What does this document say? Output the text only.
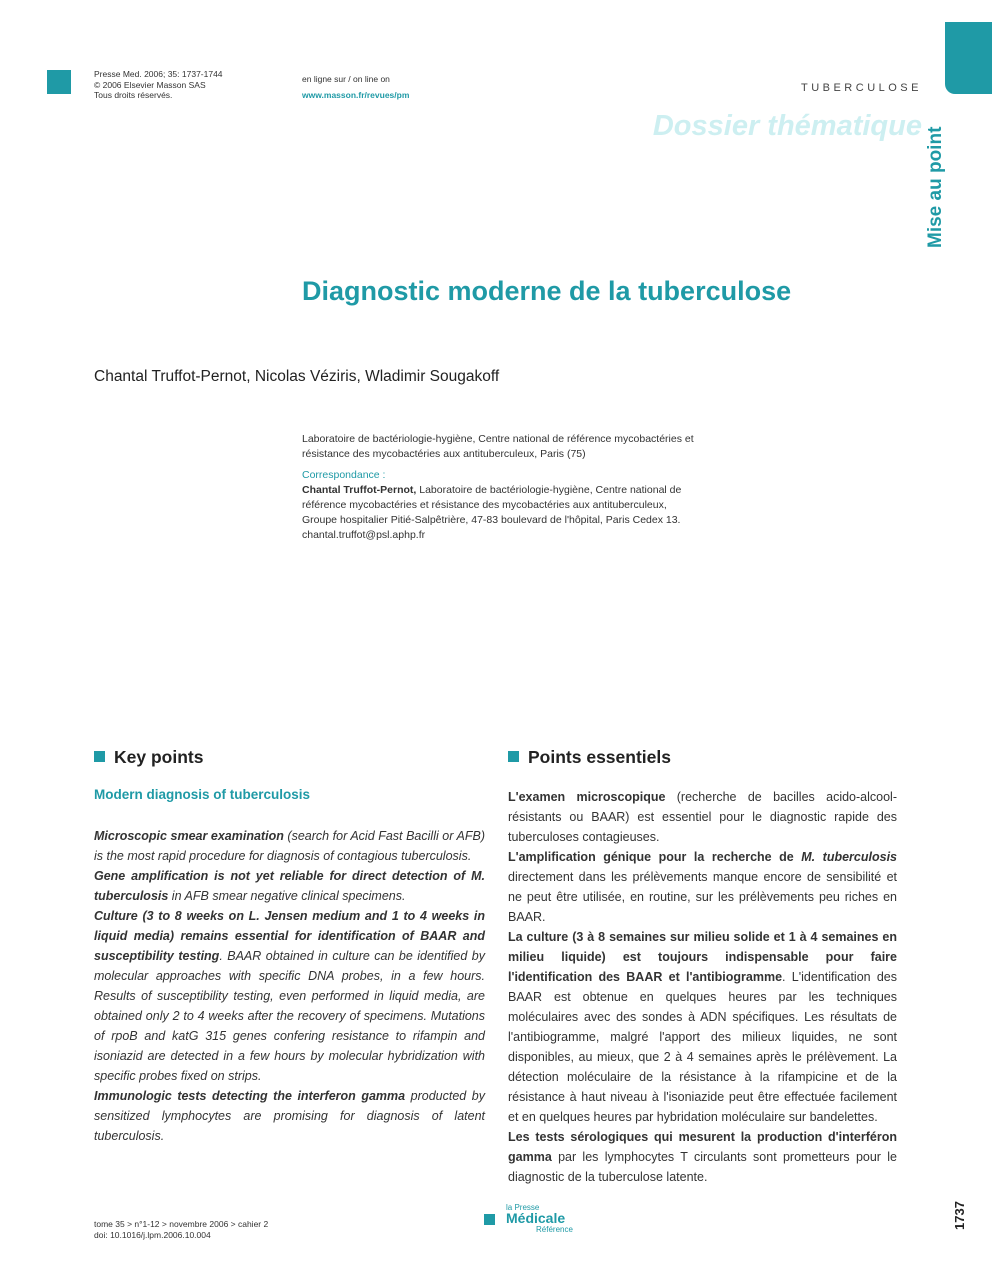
Presse Med. 2006; 35: 1737-1744
© 2006 Elsevier Masson SAS
Tous droits réservés.
en ligne sur / on line on
www.masson.fr/revues/pm
TUBERCULOSE
Dossier thématique
Mise au point
Diagnostic moderne de la tuberculose
Chantal Truffot-Pernot, Nicolas Véziris, Wladimir Sougakoff
Laboratoire de bactériologie-hygiène, Centre national de référence mycobactéries et résistance des mycobactéries aux antituberculeux, Paris (75)
Correspondance :
Chantal Truffot-Pernot, Laboratoire de bactériologie-hygiène, Centre national de référence mycobactéries et résistance des mycobactéries aux antituberculeux, Groupe hospitalier Pitié-Salpêtrière, 47-83 boulevard de l'hôpital, Paris Cedex 13.
chantal.truffot@psl.aphp.fr
Key points	Points essentiels
Modern diagnosis of tuberculosis

Microscopic smear examination (search for Acid Fast Bacilli or AFB) is the most rapid procedure for diagnosis of contagious tuberculosis.

Gene amplification is not yet reliable for direct detection of M. tuberculosis in AFB smear negative clinical specimens.

Culture (3 to 8 weeks on L. Jensen medium and 1 to 4 weeks in liquid media) remains essential for identification of BAAR and susceptibility testing. BAAR obtained in culture can be identified by molecular approaches with specific DNA probes, in a few hours. Results of susceptibility testing, even performed in liquid media, are obtained only 2 to 4 weeks after the recovery of specimens. Mutations of rpoB and katG 315 genes confering resistance to rifampin and isoniazid are detected in a few hours by molecular hybridization with specific probes fixed on strips.

Immunologic tests detecting the interferon gamma producted by sensitized lymphocytes are promising for diagnosis of latent tuberculosis.

L'examen microscopique (recherche de bacilles acido-alcool-résistants ou BAAR) est essentiel pour le diagnostic rapide des tuberculoses contagieuses.

L'amplification génique pour la recherche de M. tuberculosis directement dans les prélèvements manque encore de sensibilité et ne peut être utilisée, en routine, sur les prélèvements peu riches en BAAR.

La culture (3 à 8 semaines sur milieu solide et 1 à 4 semaines en milieu liquide) est toujours indispensable pour faire l'identification des BAAR et l'antibiogramme. L'identification des BAAR est obtenue en quelques heures par les techniques moléculaires avec des sondes à ADN spécifiques. Les résultats de l'antibiogramme, malgré l'apport des milieux liquides, ne sont disponibles, au mieux, que 2 à 4 semaines après le prélèvement. La détection moléculaire de la résistance à la rifampicine et de la résistance à haut niveau à l'isoniazide peut être effectuée facilement et en quelques heures par hybridation moléculaire sur bandelettes.

Les tests sérologiques qui mesurent la production d'interféron gamma par les lymphocytes T circulants sont prometteurs pour le diagnostic de la tuberculose latente.

tome 35 > n°1-12 > novembre 2006 > cahier 2
doi: 10.1016/j.lpm.2006.10.004
la Presse
Médicale
Référence	1737
